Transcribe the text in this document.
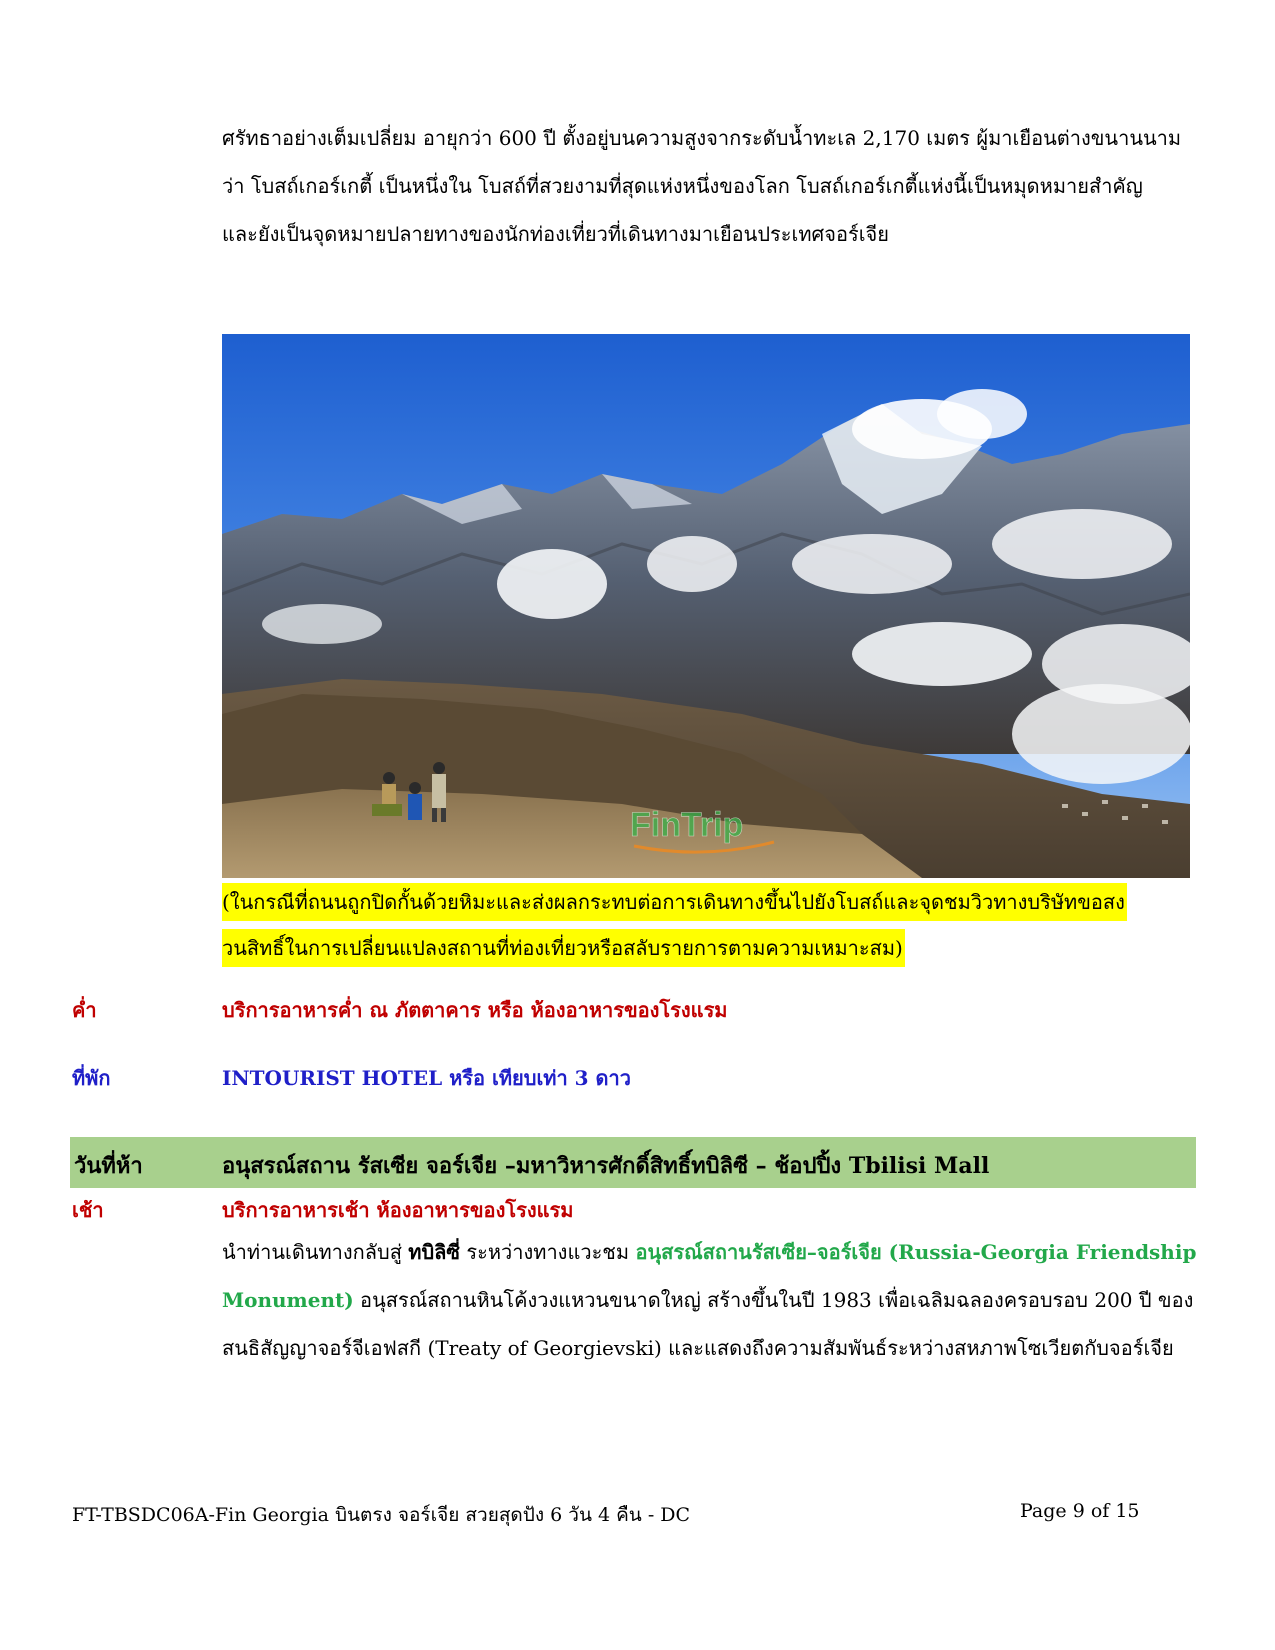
ศรัทธาอย่างเต็มเปลี่ยม อายุกว่า 600 ปี ตั้งอยู่บนความสูงจากระดับน้ำทะเล 2,170 เมตร ผู้มาเยือนต่างขนานนาม
ว่า โบสถ์เกอร์เกตี้ เป็นหนึ่งใน โบสถ์ที่สวยงามที่สุดแห่งหนึ่งของโลก โบสถ์เกอร์เกตี้แห่งนี้เป็นหมุดหมายสำคัญ
และยังเป็นจุดหมายปลายทางของนักท่องเที่ยวที่เดินทางมาเยือนประเทศจอร์เจีย
FinTrip
(ในกรณีที่ถนนถูกปิดกั้นด้วยหิมะและส่งผลกระทบต่อการเดินทางขึ้นไปยังโบสถ์และจุดชมวิวทางบริษัทขอสง
วนสิทธิ์ในการเปลี่ยนแปลงสถานที่ท่องเที่ยวหรือสลับรายการตามความเหมาะสม)
ค่ำ	บริการอาหารค่ำ ณ ภัตตาคาร หรือ ห้องอาหารของโรงแรม
ที่พัก	INTOURIST HOTEL หรือ เทียบเท่า 3 ดาว
วันที่ห้า	อนุสรณ์สถาน รัสเซีย จอร์เจีย –มหาวิหารศักดิ์สิทธิ์ทบิลิซี – ช้อปปิ้ง Tbilisi Mall
เช้า	บริการอาหารเช้า ห้องอาหารของโรงแรม
นำท่านเดินทางกลับสู่ ทบิลิซี่ ระหว่างทางแวะชม อนุสรณ์สถานรัสเซีย–จอร์เจีย (Russia-Georgia Friendship
Monument) อนุสรณ์สถานหินโค้งวงแหวนขนาดใหญ่ สร้างขึ้นในปี 1983 เพื่อเฉลิมฉลองครอบรอบ 200 ปี ของ
สนธิสัญญาจอร์จีเอฟสกี (Treaty of Georgievski) และแสดงถึงความสัมพันธ์ระหว่างสหภาพโซเวียตกับจอร์เจีย
FT-TBSDC06A-Fin Georgia บินตรง จอร์เจีย สวยสุดปัง 6 วัน 4 คืน - DC	Page 9 of 15
